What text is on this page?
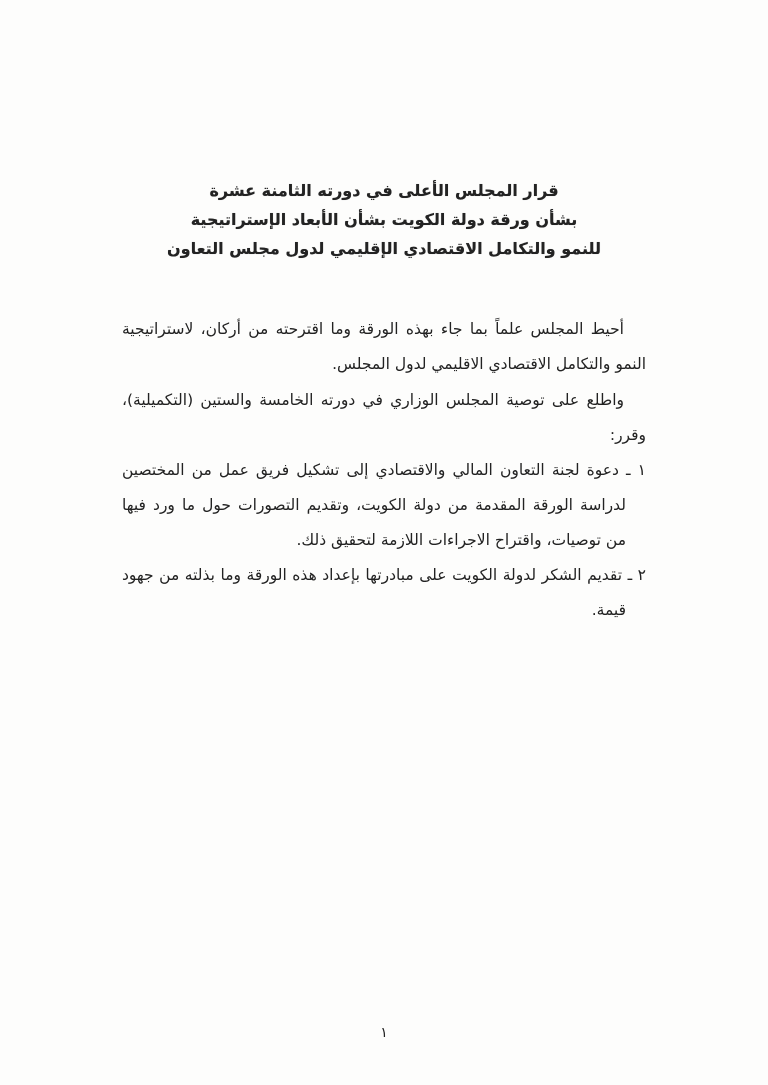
قرار المجلس الأعلى في دورته الثامنة عشرة
بشأن ورقة دولة الكويت بشأن الأبعاد الإستراتيجية
للنمو والتكامل الاقتصادي الإقليمي لدول مجلس التعاون

أحيط المجلس علماً بما جاء بهذه الورقة وما اقترحته من أركان، لاستراتيجية النمو والتكامل الاقتصادي الاقليمي لدول المجلس.

واطلع على توصية المجلس الوزاري في دورته الخامسة والستين (التكميلية)، وقرر:

١ ـ دعوة لجنة التعاون المالي والاقتصادي إلى تشكيل فريق عمل من المختصين لدراسة الورقة المقدمة من دولة الكويت، وتقديم التصورات حول ما ورد فيها من توصيات، واقتراح الاجراءات اللازمة لتحقيق ذلك.

٢ ـ تقديم الشكر لدولة الكويت على مبادرتها بإعداد هذه الورقة وما بذلته من جهود قيمة.

١
